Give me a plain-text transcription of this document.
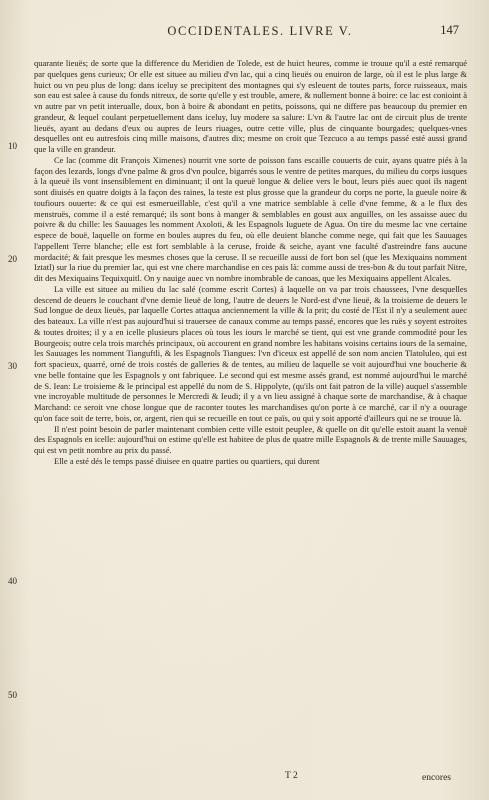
OCCIDENTALES. LIVRE V.	147
10
20
30
40
50

quarante lieuës; de sorte que la difference du Meridien de Tolede, est de huict heures, comme ie trouue qu'il a esté remarqué par quelques gens curieux; Or elle est situee au milieu d'vn lac, qui a cinq lieuës ou enuiron de large, où il est le plus large & huict ou vn peu plus de long: dans iceluy se precipitent des montagnes qui s'y esleuent de toutes parts, force ruisseaux, mais son eau est salee à cause du fonds nitreux, de sorte qu'elle y est trouble, amere, & nullement bonne à boire: ce lac est conioint à vn autre par vn petit interualle, doux, bon à boire & abondant en petits, poissons, qui ne differe pas beaucoup du premier en grandeur, & lequel coulant perpetuellement dans iceluy, luy modere sa salure: L'vn & l'autre lac ont de circuit plus de trente lieuës, ayant au dedans d'eux ou aupres de leurs riuages, outre cette ville, plus de cinquante bourgades; quelques-vnes desquelles ont eu autresfois cinq mille maisons, d'autres dix; mesme on croit que Tezcuco a au temps passé esté aussi grand que la ville en grandeur.

Ce lac (comme dit François Ximenes) nourrit vne sorte de poisson fans escaille couuerts de cuir, ayans quatre piés à la façon des lezards, longs d'vne palme & gros d'vn poulce, bigarrés sous le ventre de petites marques, du milieu du corps iusques à la queuë ils vont insensiblement en diminuant; il ont la queuë longue & deliee vers le bout, leurs piés auec quoi ils nagent sont diuisés en quatre doigts à la façon des raines, la teste est plus grosse que la grandeur du corps ne porte, la gueule noire & toufiours ouuerte: & ce qui est esmerueillable, c'est qu'il a vne matrice semblable à celle d'vne femme, & a le flux des menstruës, comme il a esté remarqué; ils sont bons à manger & semblables en goust aux anguilles, on les assaisse auec du poivre & du chille: les Sauuages les nomment Axoloti, & les Espagnols Iuguete de Agua. On tire du mesme lac vne certaine espece de bouë, laquelle on forme en boules aupres du feu, où elle deuient blanche comme nege, qui fait que les Sauuages l'appellent Terre blanche; elle est fort semblable à la ceruse, froide & seiche, ayant vne faculté d'astreindre fans aucune mordacité; & fait presque les mesmes choses que la ceruse. Il se recueille aussi de fort bon sel (que les Mexiquains nomment Iztatl) sur la riue du premier lac, qui est vne chere marchandise en ces pais là: comme aussi de tres-bon & du tout parfait Nitre, dit des Mexiquains Tequixquitl. On y nauige auec vn nombre inombrable de canoas, que les Mexiquains appellent Alcales.

La ville est situee au milieu du lac salé (comme escrit Cortes) à laquelle on va par trois chaussees, l'vne desquelles descend de deuers le couchant d'vne demie lieuë de long, l'autre de deuers le Nord-est d'vne lieuë, & la troisieme de deuers le Sud longue de deux lieuës, par laquelle Cortes attaqua anciennement la ville & la prit; du costé de l'Est il n'y a seulement auec des bateaux. La ville n'est pas aujourd'hui si trauersee de canaux comme au temps passé, encores que les ruës y soyent estroites & toutes droites; il y a en icelle plusieurs places où tous les iours le marché se tient, qui est vne grande commodité pour les Bourgeois; outre cela trois marchés principaux, où accourent en grand nombre les habitans voisins certains iours de la semaine, les Sauuages les nomment Tianguftli, & les Espagnols Tiangues: l'vn d'iceux est appellé de son nom ancien Tlatoluleo, qui est fort spacieux, quarré, orné de trois costés de galleries & de tentes, au milieu de laquelle se voit aujourd'hui vne boucherie & vne belle fontaine que les Espagnols y ont fabriquee. Le second qui est mesme assés grand, est nommé aujourd'hui le marché de S. Iean: Le troisieme & le principal est appellé du nom de S. Hippolyte, (qu'ils ont fait patron de la ville) auquel s'assemble vne incroyable multitude de personnes le Mercredi & Ieudi; il y a vn lieu assigné à chaque sorte de marchandise, & à chaque Marchand: ce seroit vne chose longue que de raconter toutes les marchandises qu'on porte à ce marché, car il n'y a ouurage qu'on face soit de terre, bois, or, argent, rien qui se recueille en tout ce païs, ou qui y soit apporté d'ailleurs qui ne se trouue là.

Il n'est point besoin de parler maintenant combien cette ville estoit peuplee, & quelle on dit qu'elle estoit auant la venuë des Espagnols en icelle: aujourd'hui on estime qu'elle est habitee de plus de quatre mille Espagnols & de trente mille Sauuages, qui est vn petit nombre au prix du passé.

Elle a esté dés le temps passé diuisee en quatre parties ou quartiers, qui durent

T 2	encores
